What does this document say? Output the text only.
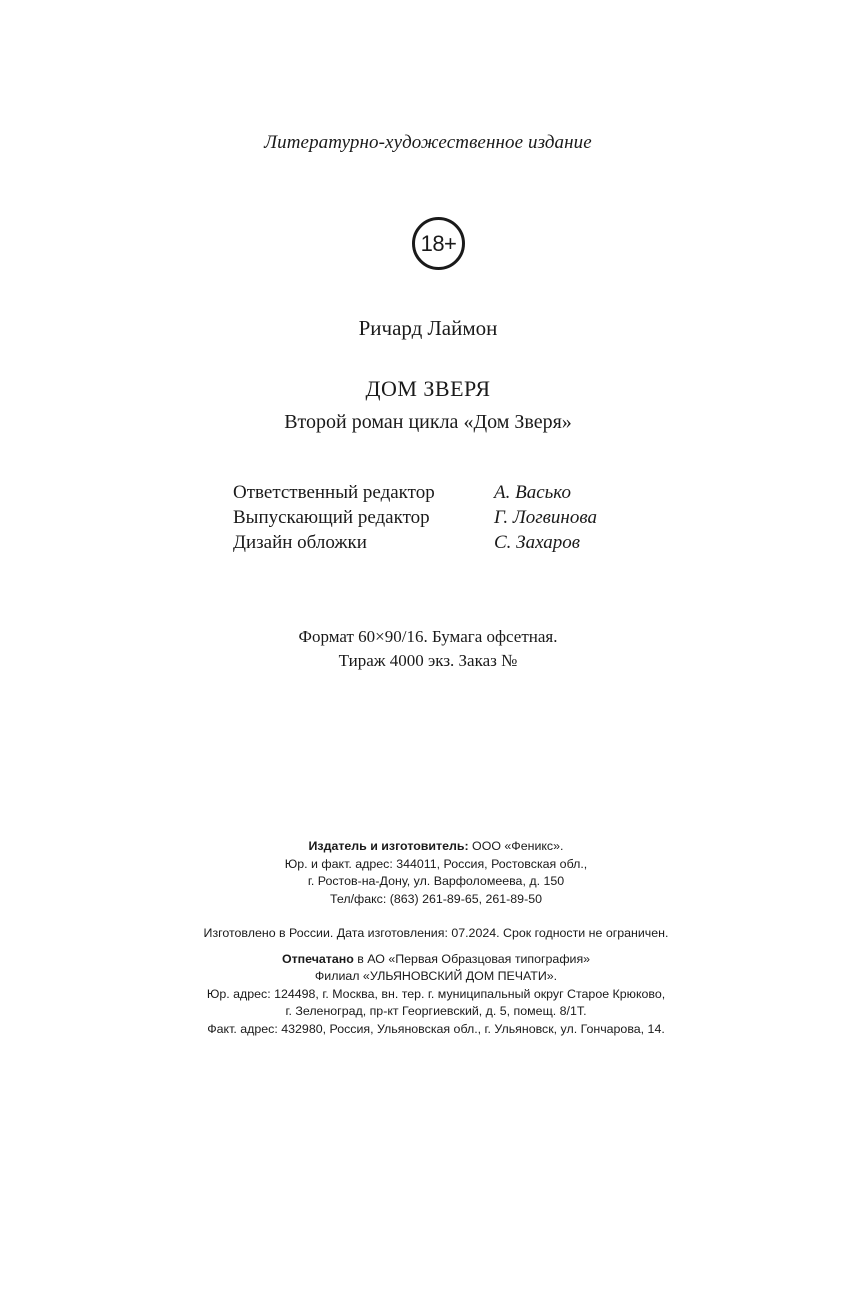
Литературно-художественное издание
18+
Ричард Лаймон
ДОМ ЗВЕРЯ
Второй роман цикла «Дом Зверя»
Ответственный редактор	А. Васько
Выпускающий редактор	Г. Логвинова
Дизайн обложки	С. Захаров
Формат 60×90/16. Бумага офсетная.
Тираж 4000 экз. Заказ №
Издатель и изготовитель: ООО «Феникс».
Юр. и факт. адрес: 344011, Россия, Ростовская обл.,
г. Ростов-на-Дону, ул. Варфоломеева, д. 150
Тел/факс: (863) 261-89-65, 261-89-50
Изготовлено в России. Дата изготовления: 07.2024. Срок годности не ограничен.
Отпечатано в АО «Первая Образцовая типография»
Филиал «УЛЬЯНОВСКИЙ ДОМ ПЕЧАТИ».
Юр. адрес: 124498, г. Москва, вн. тер. г. муниципальный округ Старое Крюково,
г. Зеленоград, пр-кт Георгиевский, д. 5, помещ. 8/1Т.
Факт. адрес: 432980, Россия, Ульяновская обл., г. Ульяновск, ул. Гончарова, 14.
